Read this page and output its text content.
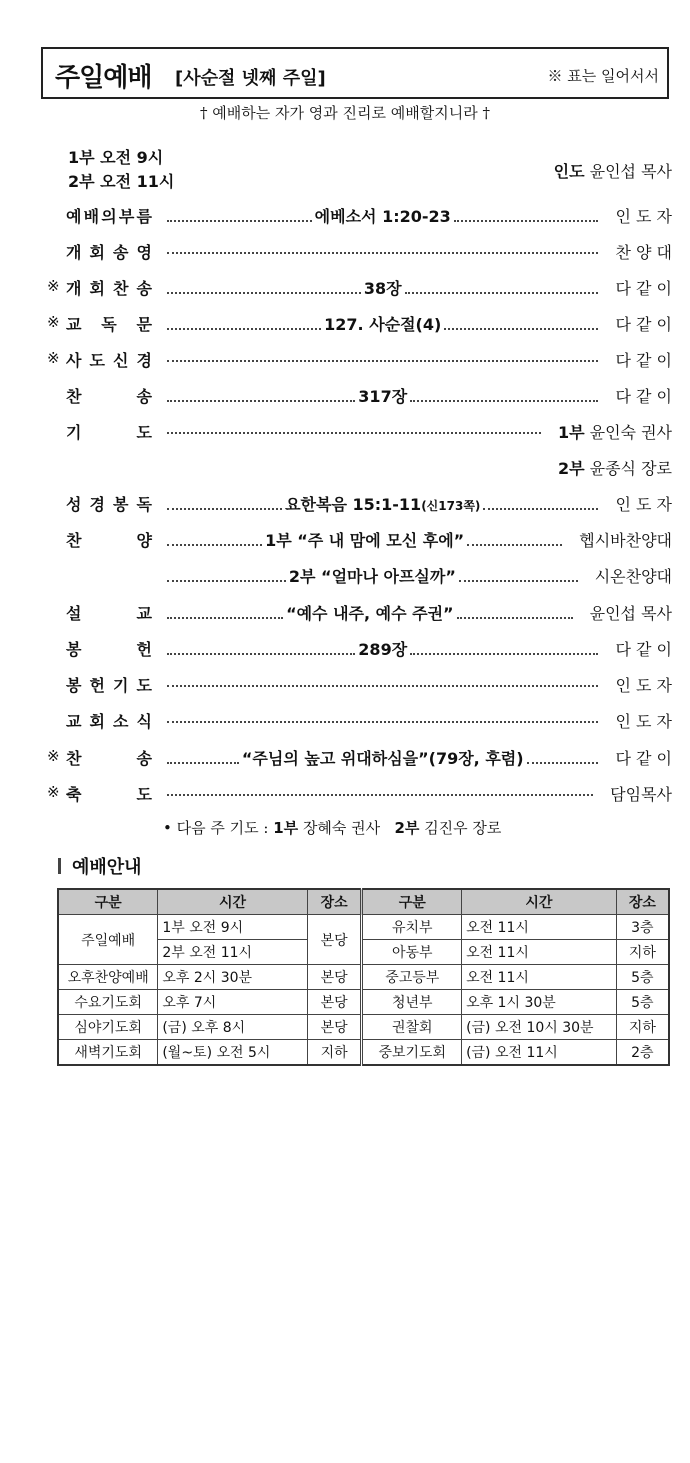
주일예배 [사순절 넷째 주일]	※ 표는 일어서서
† 예배하는 자가 영과 진리로 예배할지니라 †
1부 오전 9시
2부 오전 11시
인도 윤인섭 목사
예 배 의 부 름	에베소서 1:20-23	인 도 자
개 회 송 영	찬 양 대
※ 개 회 찬 송	38장	다 같 이
※ 교 독 문	127. 사순절(4)	다 같 이
※ 사 도 신 경	다 같 이
찬	송	317장	다 같 이
기	도	1부 윤인숙 권사
2부 윤종식 장로
성 경 봉 독	요한복음 15:1-11(신173쪽)	인 도 자
찬	양	1부 “주 내 맘에 모신 후에”	헵시바찬양대
2부 “얼마나 아프실까”	시온찬양대
설	교	“예수 내주, 예수 주권”	윤인섭 목사
봉	헌	289장	다 같 이
봉 헌 기 도	인 도 자
교 회 소 식	인 도 자
※ 찬	송	“주님의 높고 위대하심을”(79장, 후렴)	다 같 이
※ 축	도	담임목사
• 다음 주 기도 : 1부 장혜숙 권사 2부 김진우 장로
예배안내
구분	시간	장소	구분	시간	장소
주일예배	1부 오전 9시	본당	유치부	오전 11시	3층
	2부 오전 11시		아동부	오전 11시	지하
오후찬양예배	오후 2시 30분	본당	중고등부	오전 11시	5층
수요기도회	오후 7시	본당	청년부	오후 1시 30분	5층
심야기도회	(금) 오후 8시	본당	권찰회	(금) 오전 10시 30분	지하
새벽기도회	(월~토) 오전 5시	지하	중보기도회	(금) 오전 11시	2층
